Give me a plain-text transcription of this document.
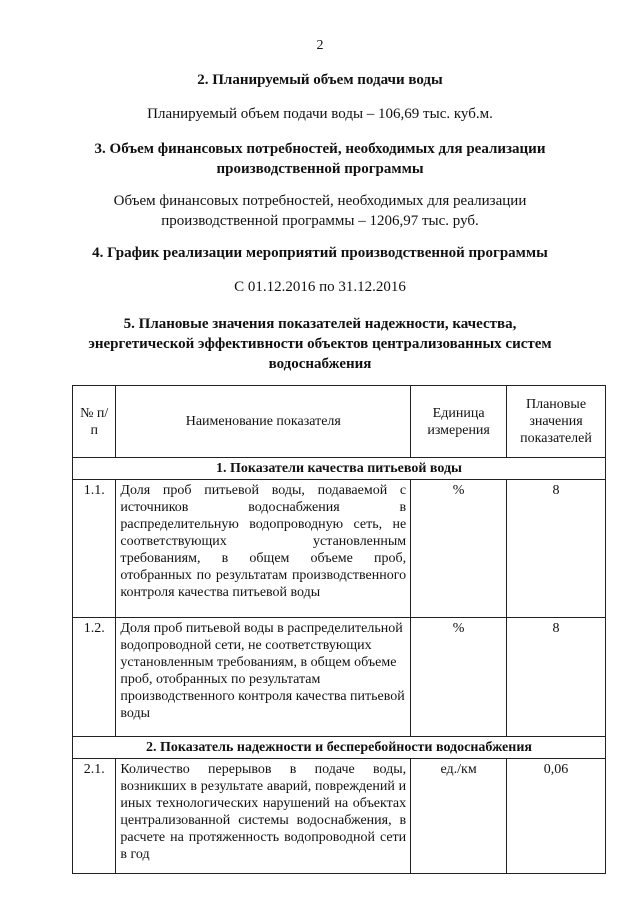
2
2. Планируемый объем подачи воды
Планируемый объем подачи воды – 106,69 тыс. куб.м.
3. Объем финансовых потребностей, необходимых для реализации
производственной программы
Объем финансовых потребностей, необходимых для реализации
производственной программы – 1206,97 тыс. руб.
4. График реализации мероприятий производственной программы
С 01.12.2016 по 31.12.2016
5. Плановые значения показателей надежности, качества,
энергетической эффективности объектов централизованных систем
водоснабжения
№ п/п	Наименование показателя	Единица измерения	Плановые значения показателей
1. Показатели качества питьевой воды			
1.1.	Доля проб питьевой воды, подаваемой с источников водоснабжения в распределительную водопроводную сеть, не соответствующих установленным требованиям, в общем объеме проб, отобранных по результатам производственного контроля качества питьевой воды	%	8
1.2.	Доля проб питьевой воды в распределительной водопроводной сети, не соответствующих установленным требованиям, в общем объеме проб, отобранных по результатам производственного контроля качества питьевой воды	%	8
2. Показатель надежности и бесперебойности водоснабжения			
2.1.	Количество перерывов в подаче воды, возникших в результате аварий, повреждений и иных технологических нарушений на объектах централизованной системы водоснабжения, в расчете на протяженность водопроводной сети в год	ед./км	0,06
